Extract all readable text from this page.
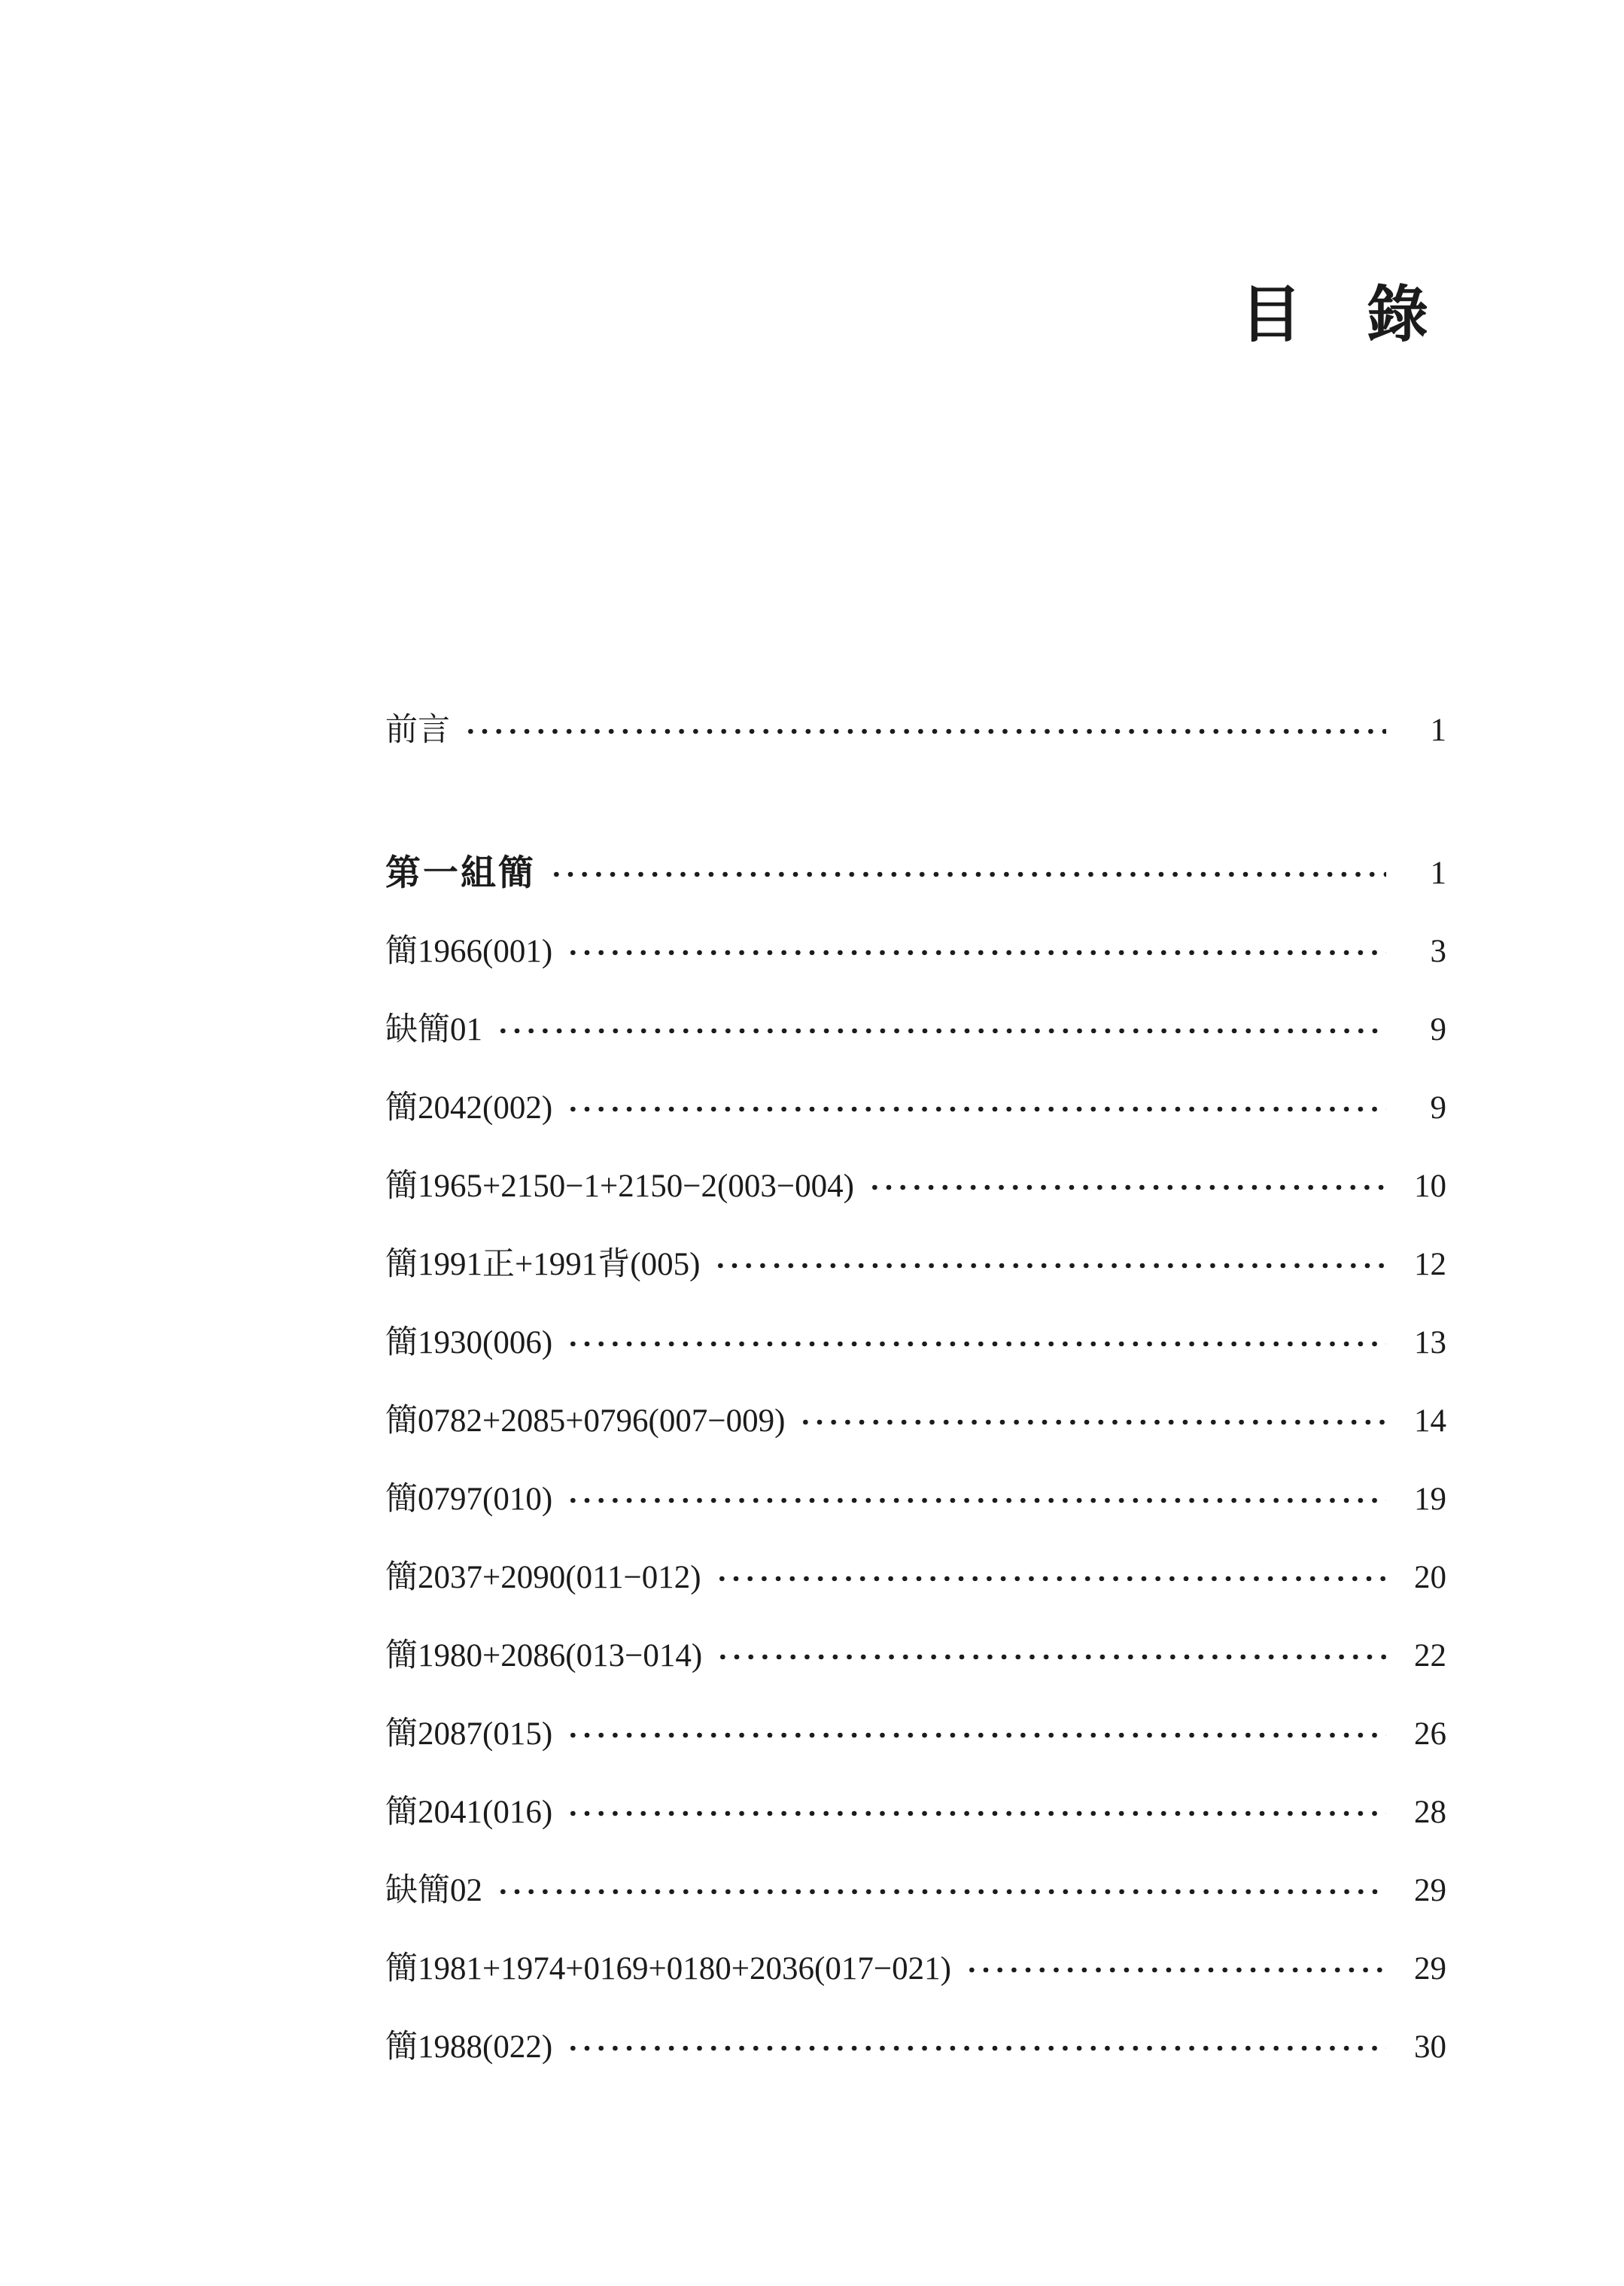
目　錄
前言	1
第一組簡	1
簡1966(001)	3
缺簡01	9
簡2042(002)	9
簡1965+2150−1+2150−2(003−004)	10
簡1991正+1991背(005)	12
簡1930(006)	13
簡0782+2085+0796(007−009)	14
簡0797(010)	19
簡2037+2090(011−012)	20
簡1980+2086(013−014)	22
簡2087(015)	26
簡2041(016)	28
缺簡02	29
簡1981+1974+0169+0180+2036(017−021)	29
簡1988(022)	30
